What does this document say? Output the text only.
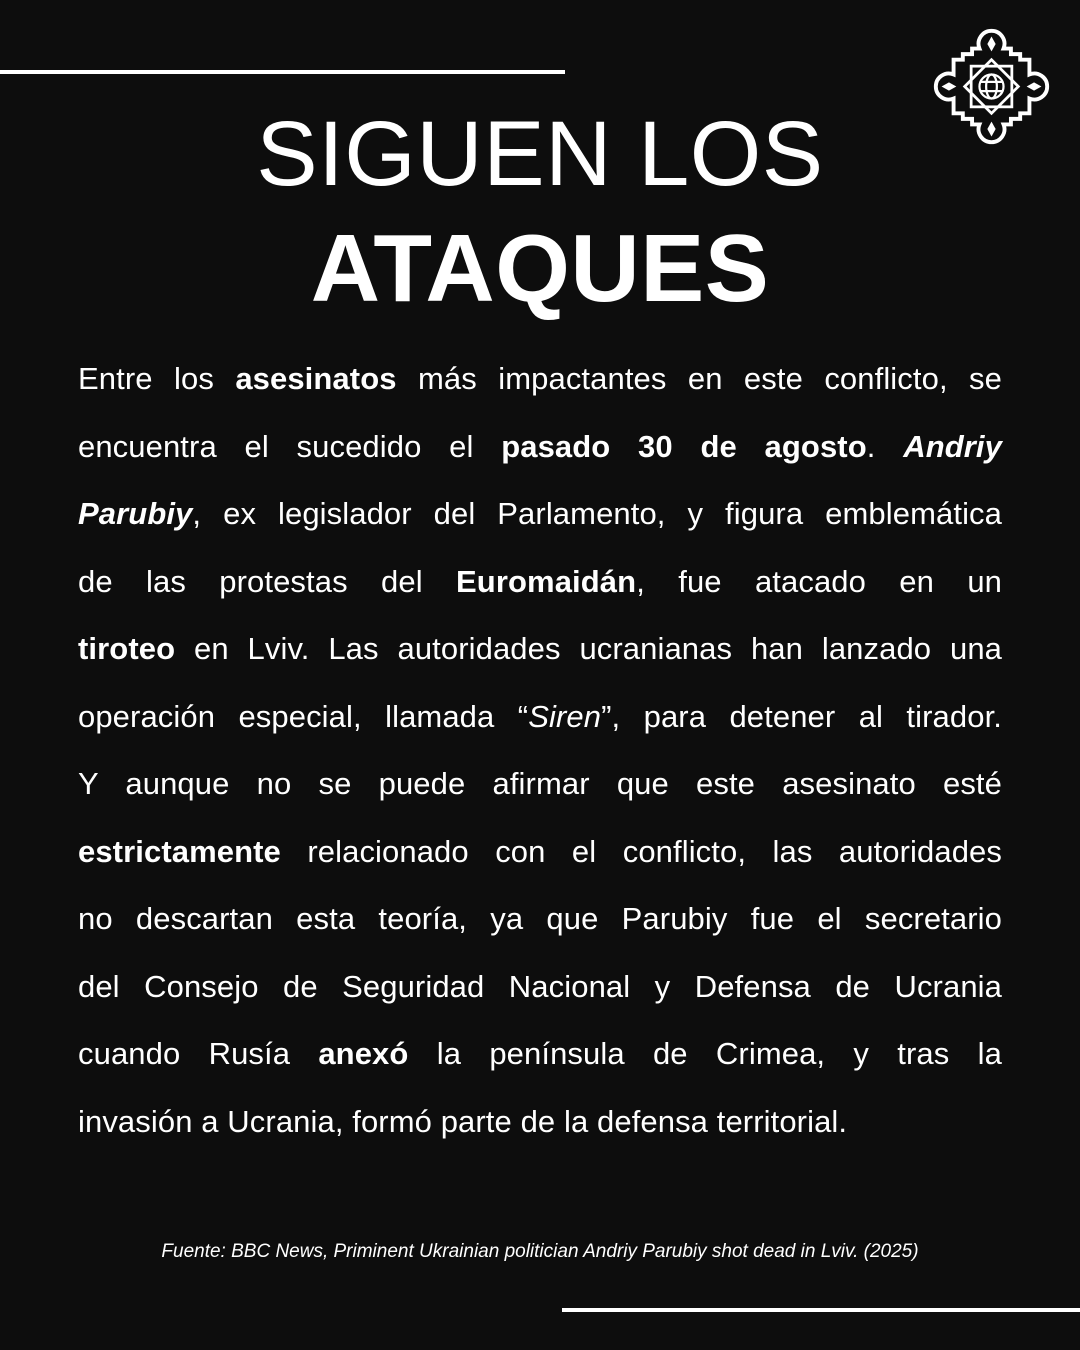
SIGUEN LOS
ATAQUES
Entre los asesinatos más impactantes en este conflicto, se
encuentra el sucedido el pasado 30 de agosto. Andriy
Parubiy, ex legislador del Parlamento, y figura emblemática
de las protestas del Euromaidán, fue atacado en un
tiroteo en Lviv. Las autoridades ucranianas han lanzado una
operación especial, llamada “Siren”, para detener al tirador.
Y aunque no se puede afirmar que este asesinato esté
estrictamente relacionado con el conflicto, las autoridades
no descartan esta teoría, ya que Parubiy fue el secretario
del Consejo de Seguridad Nacional y Defensa de Ucrania
cuando Rusía anexó la península de Crimea, y tras la
invasión a Ucrania, formó parte de la defensa territorial.
Fuente: BBC News, Priminent Ukrainian politician Andriy Parubiy shot dead in Lviv. (2025)
